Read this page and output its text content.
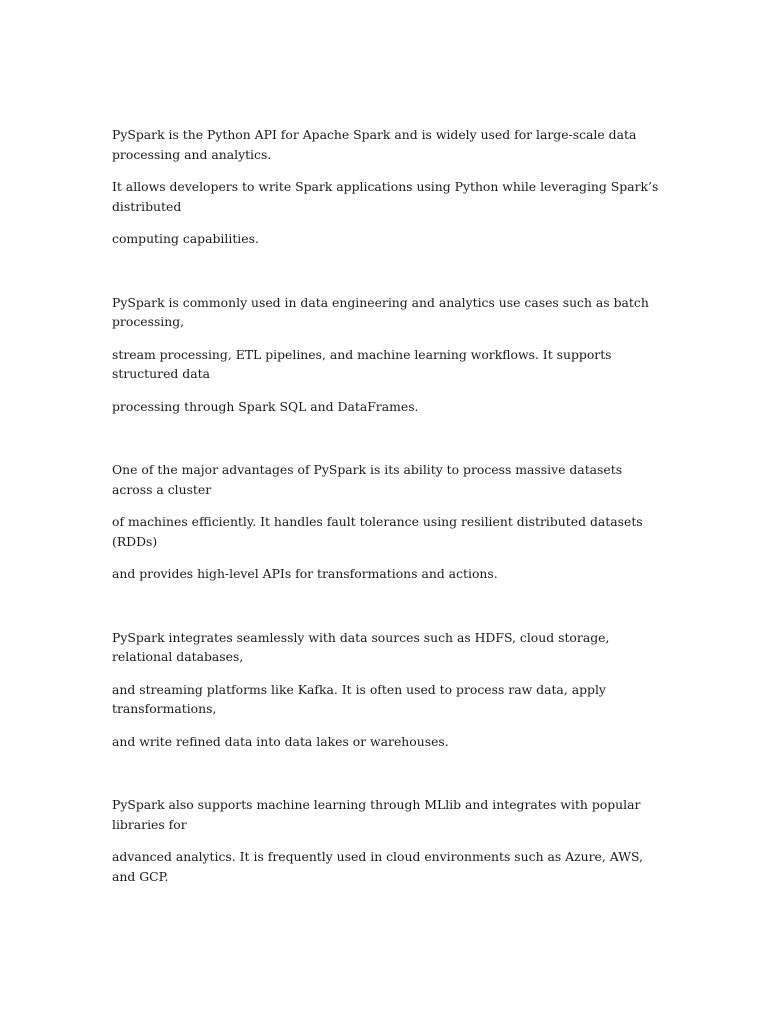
PySpark is the Python API for Apache Spark and is widely used for large-scale data processing and analytics.

It allows developers to write Spark applications using Python while leveraging Spark’s distributed

computing capabilities.

PySpark is commonly used in data engineering and analytics use cases such as batch processing,

stream processing, ETL pipelines, and machine learning workflows. It supports structured data

processing through Spark SQL and DataFrames.

One of the major advantages of PySpark is its ability to process massive datasets across a cluster

of machines efficiently. It handles fault tolerance using resilient distributed datasets (RDDs)

and provides high-level APIs for transformations and actions.

PySpark integrates seamlessly with data sources such as HDFS, cloud storage, relational databases,

and streaming platforms like Kafka. It is often used to process raw data, apply transformations,

and write refined data into data lakes or warehouses.

PySpark also supports machine learning through MLlib and integrates with popular libraries for

advanced analytics. It is frequently used in cloud environments such as Azure, AWS, and GCP.
